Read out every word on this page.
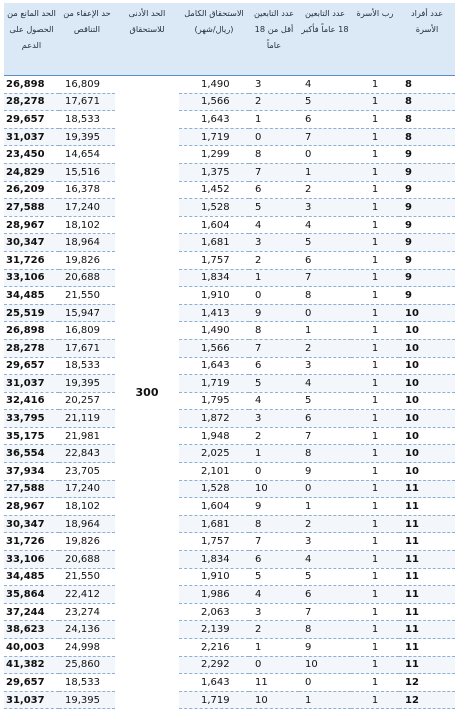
عدد أفراد الأسرة	رب الأسرة	عدد التابعين 18 عاماً فأكبر	عدد التابعين أقل من 18 عاماً	الاستحقاق الكامل (ريال/شهر)	الحد الأدنى للاستحقاق	حد الإعفاء من التناقص	الحد المانع من الحصول على الدعم
8	1	4	3	1,490	300	16,809	26,898
8	1	5	2	1,566		17,671	28,278
8	1	6	1	1,643		18,533	29,657
8	1	7	0	1,719		19,395	31,037
9	1	0	8	1,299		14,654	23,450
9	1	1	7	1,375		15,516	24,829
9	1	2	6	1,452		16,378	26,209
9	1	3	5	1,528		17,240	27,588
9	1	4	4	1,604		18,102	28,967
9	1	5	3	1,681		18,964	30,347
9	1	6	2	1,757		19,826	31,726
9	1	7	1	1,834		20,688	33,106
9	1	8	0	1,910		21,550	34,485
10	1	0	9	1,413		15,947	25,519
10	1	1	8	1,490		16,809	26,898
10	1	2	7	1,566		17,671	28,278
10	1	3	6	1,643		18,533	29,657
10	1	4	5	1,719		19,395	31,037
10	1	5	4	1,795		20,257	32,416
10	1	6	3	1,872		21,119	33,795
10	1	7	2	1,948		21,981	35,175
10	1	8	1	2,025		22,843	36,554
10	1	9	0	2,101		23,705	37,934
11	1	0	10	1,528		17,240	27,588
11	1	1	9	1,604		18,102	28,967
11	1	2	8	1,681		18,964	30,347
11	1	3	7	1,757		19,826	31,726
11	1	4	6	1,834		20,688	33,106
11	1	5	5	1,910		21,550	34,485
11	1	6	4	1,986		22,412	35,864
11	1	7	3	2,063		23,274	37,244
11	1	8	2	2,139		24,136	38,623
11	1	9	1	2,216		24,998	40,003
11	1	10	0	2,292		25,860	41,382
12	1	0	11	1,643		18,533	29,657
12	1	1	10	1,719		19,395	31,037
